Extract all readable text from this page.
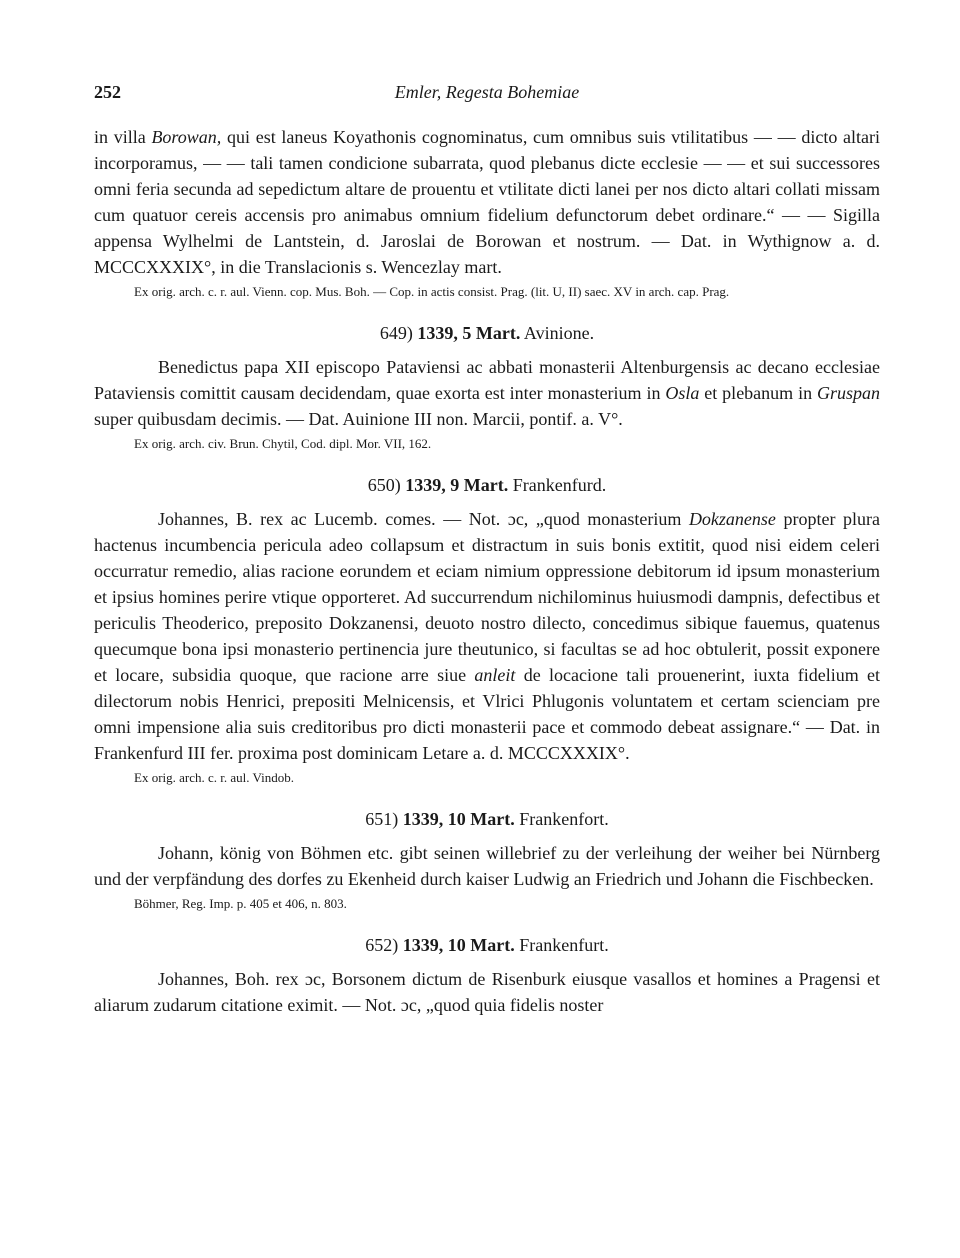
252	Emler, Regesta Bohemiae

in villa Borowan, qui est laneus Koyathonis cognominatus, cum omnibus suis vtilitatibus — — dicto altari incorporamus, — — tali tamen condicione subarrata, quod plebanus dicte ecclesie — — et sui successores omni feria secunda ad sepedictum altare de prouentu et vtilitate dicti lanei per nos dicto altari collati missam cum quatuor cereis accensis pro animabus omnium fidelium defunctorum debet ordinare.“ — — Sigilla appensa Wylhelmi de Lantstein, d. Jaroslai de Borowan et nostrum. — Dat. in Wythignow a. d. MCCCXXXIX°, in die Translacionis s. Wencezlay mart.

Ex orig. arch. c. r. aul. Vienn. cop. Mus. Boh. — Cop. in actis consist. Prag. (lit. U, II) saec. XV in arch. cap. Prag.

649) 1339, 5 Mart. Avinione.

Benedictus papa XII episcopo Pataviensi ac abbati monasterii Altenburgensis ac decano ecclesiae Pataviensis comittit causam decidendam, quae exorta est inter monasterium in Osla et plebanum in Gruspan super quibusdam decimis. — Dat. Auinione III non. Marcii, pontif. a. V°.

Ex orig. arch. civ. Brun. Chytil, Cod. dipl. Mor. VII, 162.

650) 1339, 9 Mart. Frankenfurd.

Johannes, B. rex ac Lucemb. comes. — Not. ɔc, „quod monasterium Dokzanense propter plura hactenus incumbencia pericula adeo collapsum et distractum in suis bonis extitit, quod nisi eidem celeri occurratur remedio, alias racione eorundem et eciam nimium oppressione debitorum id ipsum monasterium et ipsius homines perire vtique opporteret. Ad succurrendum nichilominus huiusmodi dampnis, defectibus et periculis Theoderico, preposito Dokzanensi, deuoto nostro dilecto, concedimus sibique fauemus, quatenus quecumque bona ipsi monasterio pertinencia jure theutunico, si facultas se ad hoc obtulerit, possit exponere et locare, subsidia quoque, que racione arre siue anleit de locacione tali prouenerint, iuxta fidelium et dilectorum nobis Henrici, prepositi Melnicensis, et Vlrici Phlugonis voluntatem et certam scienciam pre omni impensione alia suis creditoribus pro dicti monasterii pace et commodo debeat assignare.“ — Dat. in Frankenfurd III fer. proxima post dominicam Letare a. d. MCCCXXXIX°.

Ex orig. arch. c. r. aul. Vindob.

651) 1339, 10 Mart. Frankenfort.

Johann, könig von Böhmen etc. gibt seinen willebrief zu der verleihung der weiher bei Nürnberg und der verpfändung des dorfes zu Ekenheid durch kaiser Ludwig an Friedrich und Johann die Fischbecken.

Böhmer, Reg. Imp. p. 405 et 406, n. 803.

652) 1339, 10 Mart. Frankenfurt.

Johannes, Boh. rex ɔc, Borsonem dictum de Risenburk eiusque vasallos et homines a Pragensi et aliarum zudarum citatione eximit. — Not. ɔc, „quod quia fidelis noster
